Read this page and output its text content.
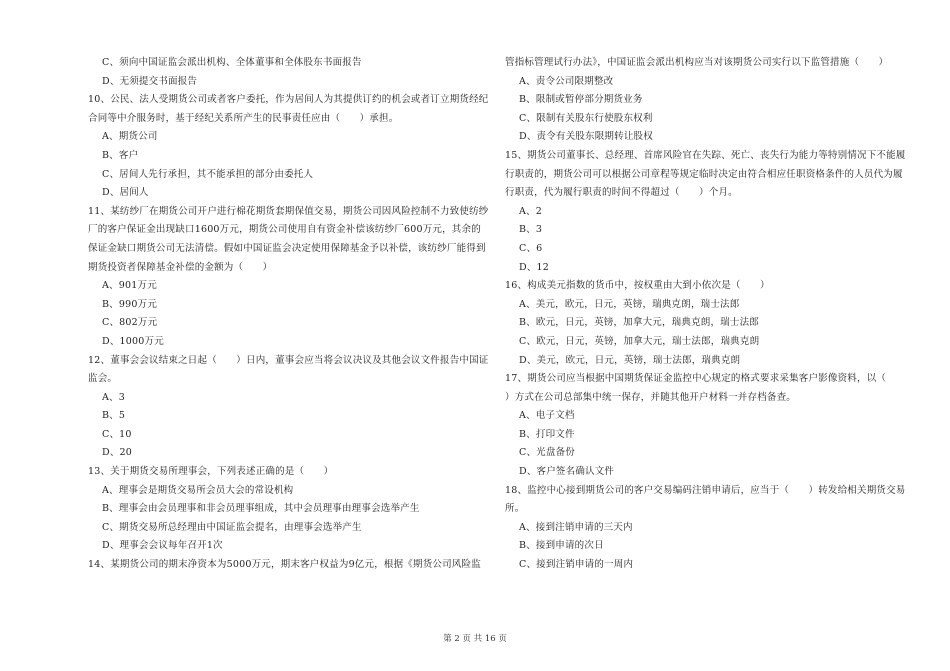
C、须向中国证监会派出机构、全体董事和全体股东书面报告
D、无须提交书面报告
10、公民、法人受期货公司或者客户委托，作为居间人为其提供订约的机会或者订立期货经纪
合同等中介服务时，基于经纪关系所产生的民事责任应由（　　）承担。
A、期货公司
B、客户
C、居间人先行承担，其不能承担的部分由委托人
D、居间人
11、某纺纱厂在期货公司开户进行棉花期货套期保值交易，期货公司因风险控制不力致使纺纱
厂的客户保证金出现缺口1600万元，期货公司使用自有资金补偿该纺纱厂600万元，其余的
保证金缺口期货公司无法清偿。假如中国证监会决定使用保障基金予以补偿，该纺纱厂能得到
期货投资者保障基金补偿的金额为（　　）
A、901万元
B、990万元
C、802万元
D、1000万元
12、董事会会议结束之日起（　　）日内，董事会应当将会议决议及其他会议文件报告中国证
监会。
A、3
B、5
C、10
D、20
13、关于期货交易所理事会，下列表述正确的是（　　）
A、理事会是期货交易所会员大会的常设机构
B、理事会由会员理事和非会员理事组成，其中会员理事由理事会选举产生
C、期货交易所总经理由中国证监会提名，由理事会选举产生
D、理事会会议每年召开1次
14、某期货公司的期末净资本为5000万元，期末客户权益为9亿元，根据《期货公司风险监
管指标管理试行办法》，中国证监会派出机构应当对该期货公司实行以下监管措施（　　）
A、责令公司限期整改
B、限制或暂停部分期货业务
C、限制有关股东行使股东权利
D、责令有关股东限期转让股权
15、期货公司董事长、总经理、首席风险官在失踪、死亡、丧失行为能力等特别情况下不能履
行职责的，期货公司可以根据公司章程等规定临时决定由符合相应任职资格条件的人员代为履
行职责，代为履行职责的时间不得超过（　　）个月。
A、2
B、3
C、6
D、12
16、构成美元指数的货币中，按权重由大到小依次是（　　）
A、美元，欧元，日元，英镑，瑞典克朗，瑞士法郎
B、欧元，日元，英镑，加拿大元，瑞典克朗，瑞士法郎
C、欧元，日元，英镑，加拿大元，瑞士法郎，瑞典克朗
D、美元，欧元，日元，英镑，瑞士法郎，瑞典克朗
17、期货公司应当根据中国期货保证金监控中心规定的格式要求采集客户影像资料，以（
）方式在公司总部集中统一保存，并随其他开户材料一并存档备查。
A、电子文档
B、打印文件
C、光盘备份
D、客户签名确认文件
18、监控中心接到期货公司的客户交易编码注销申请后，应当于（　　）转发给相关期货交易
所。
A、接到注销申请的三天内
B、接到申请的次日
C、接到注销申请的一周内
第 2 页 共 16 页
